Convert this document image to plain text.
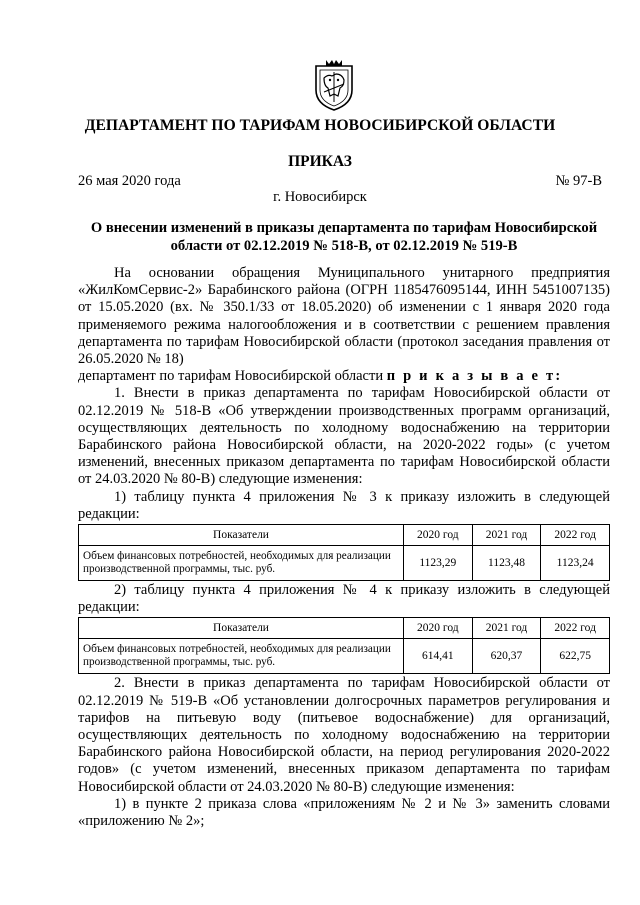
ДЕПАРТАМЕНТ ПО ТАРИФАМ НОВОСИБИРСКОЙ ОБЛАСТИ
ПРИКАЗ
26 мая 2020 года	№ 97-В
г. Новосибирск
О внесении изменений в приказы департамента по тарифам Новосибирской области от 02.12.2019 № 518-В, от 02.12.2019 № 519-В

На основании обращения Муниципального унитарного предприятия «ЖилКомСервис-2» Барабинского района (ОГРН 1185476095144, ИНН 5451007135) от 15.05.2020 (вх. № 350.1/33 от 18.05.2020) об изменении с 1 января 2020 года применяемого режима налогообложения и в соответствии с решением правления департамента по тарифам Новосибирской области (протокол заседания правления от 26.05.2020 № 18)

департамент по тарифам Новосибирской области п р и к а з ы в а е т:

1. Внести в приказ департамента по тарифам Новосибирской области от 02.12.2019 № 518-В «Об утверждении производственных программ организаций, осуществляющих деятельность по холодному водоснабжению на территории Барабинского района Новосибирской области, на 2020-2022 годы» (с учетом изменений, внесенных приказом департамента по тарифам Новосибирской области от 24.03.2020 № 80-В) следующие изменения:

1) таблицу пункта 4 приложения № 3 к приказу изложить в следующей редакции:

Показатели	2020 год	2021 год	2022 год
Объем финансовых потребностей, необходимых для реализации производственной программы, тыс. руб.	1123,29	1123,48	1123,24

2) таблицу пункта 4 приложения № 4 к приказу изложить в следующей редакции:

Показатели	2020 год	2021 год	2022 год
Объем финансовых потребностей, необходимых для реализации производственной программы, тыс. руб.	614,41	620,37	622,75

2. Внести в приказ департамента по тарифам Новосибирской области от 02.12.2019 № 519-В «Об установлении долгосрочных параметров регулирования и тарифов на питьевую воду (питьевое водоснабжение) для организаций, осуществляющих деятельность по холодному водоснабжению на территории Барабинского района Новосибирской области, на период регулирования 2020-2022 годов» (с учетом изменений, внесенных приказом департамента по тарифам Новосибирской области от 24.03.2020 № 80-В) следующие изменения:

1) в пункте 2 приказа слова «приложениям № 2 и № 3» заменить словами «приложению № 2»;
